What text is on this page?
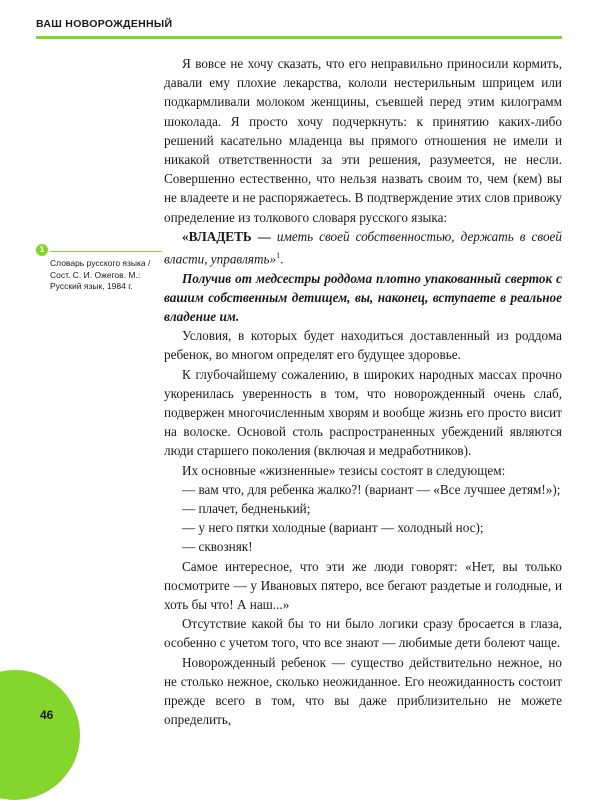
ВАШ НОВОРОЖДЕННЫЙ

Я вовсе не хочу сказать, что его неправильно приносили кормить, давали ему плохие лекарства, кололи нестерильным шприцем или подкармливали молоком женщины, съевшей перед этим килограмм шоколада. Я просто хочу подчеркнуть: к принятию каких-либо решений касательно младенца вы прямого отношения не имели и никакой ответственности за эти решения, разумеется, не несли. Совершенно естественно, что нельзя назвать своим то, чем (кем) вы не владеете и не распоряжаетесь. В подтверждение этих слов привожу определение из толкового словаря русского языка:

«ВЛАДЕТЬ — иметь своей собственностью, держать в своей власти, управлять»$^1$.

Получив от медсестры роддома плотно упакованный сверток с вашим собственным детищем, вы, наконец, вступаете в реальное владение им.

Условия, в которых будет находиться доставленный из роддома ребенок, во многом определят его будущее здоровье.

К глубочайшему сожалению, в широких народных массах прочно укоренилась уверенность в том, что новорожденный очень слаб, подвержен многочисленным хворям и вообще жизнь его просто висит на волоске. Основой столь распространенных убеждений являются люди старшего поколения (включая и медработников).

Их основные «жизненные» тезисы состоят в следующем:

— вам что, для ребенка жалко?! (вариант — «Все лучшее детям!»);

— плачет, бедненький;

— у него пятки холодные (вариант — холодный нос);

— сквозняк!

Самое интересное, что эти же люди говорят: «Нет, вы только посмотрите — у Ивановых пятеро, все бегают раздетые и голодные, и хоть бы что! А наш...»

Отсутствие какой бы то ни было логики сразу бросается в глаза, особенно с учетом того, что все знают — любимые дети болеют чаще.

Новорожденный ребенок — существо действительно нежное, но не столько нежное, сколько неожиданное. Его неожиданность состоит прежде всего в том, что вы даже приблизительно не можете определить,

1
Словарь русского языка /Сост. С. И. Ожегов. М.: Русский язык, 1984 г.
46
